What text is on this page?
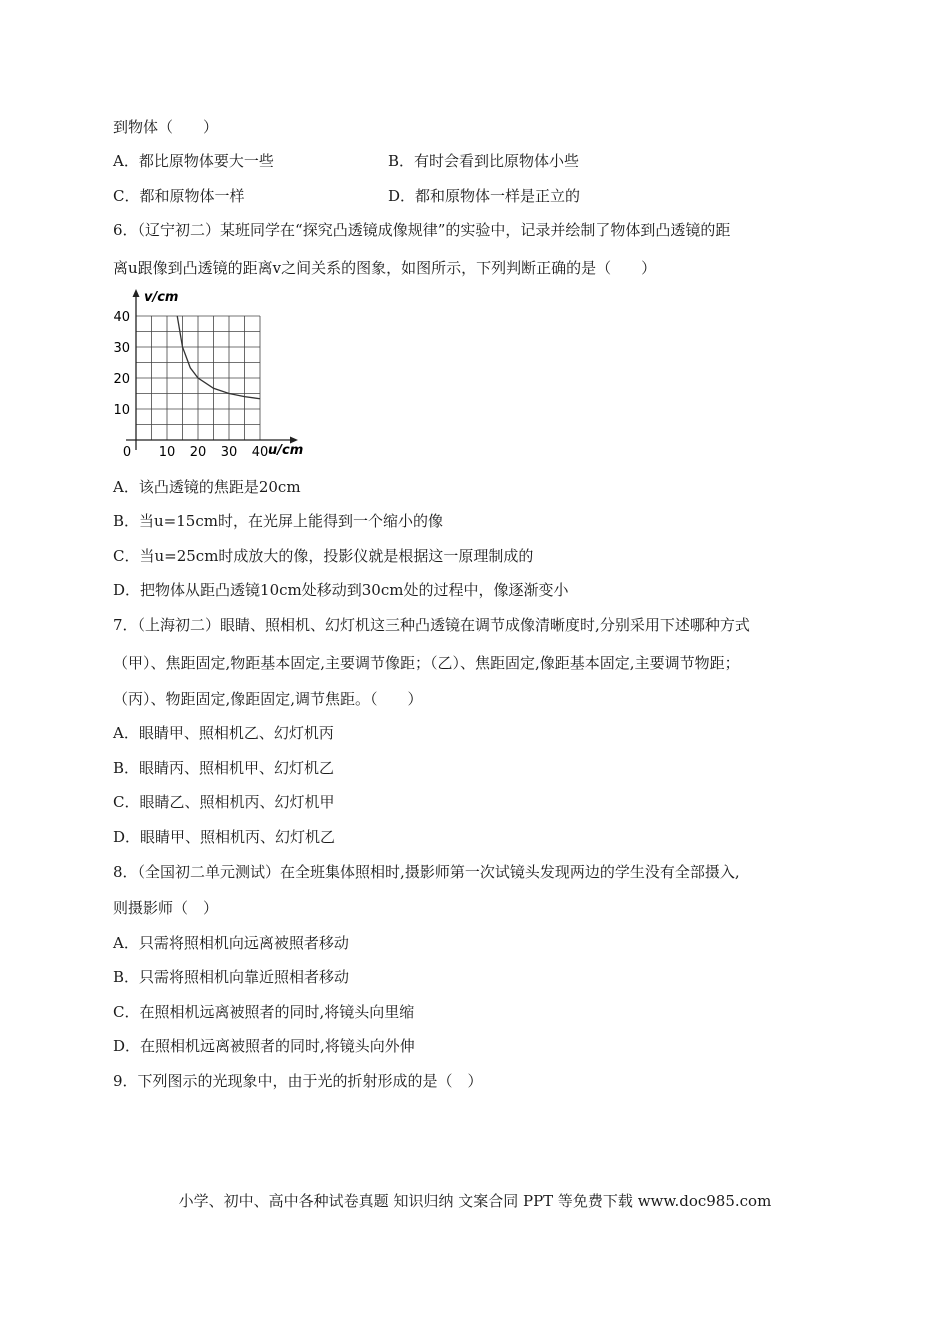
到物体（　　）
A．都比原物体要大一些	B．有时会看到比原物体小些
C．都和原物体一样	D．都和原物体一样是正立的
6．（辽宁初二）某班同学在“探究凸透镜成像规律”的实验中，记录并绘制了物体到凸透镜的距
离u跟像到凸透镜的距离v之间关系的图象，如图所示，下列判断正确的是（　　）
10
20
30
40
0 10 20 30 40
v/cm
u/cm
A．该凸透镜的焦距是20cm
B．当u=15cm时，在光屏上能得到一个缩小的像
C．当u=25cm时成放大的像，投影仪就是根据这一原理制成的
D．把物体从距凸透镜10cm处移动到30cm处的过程中，像逐渐变小
7．（上海初二）眼睛、照相机、幻灯机这三种凸透镜在调节成像清晰度时,分别采用下述哪种方式
（甲）、焦距固定,物距基本固定,主要调节像距；（乙）、焦距固定,像距基本固定,主要调节物距；
（丙）、物距固定,像距固定,调节焦距。（　　）
A．眼睛甲、照相机乙、幻灯机丙
B．眼睛丙、照相机甲、幻灯机乙
C．眼睛乙、照相机丙、幻灯机甲
D．眼睛甲、照相机丙、幻灯机乙
8．（全国初二单元测试）在全班集体照相时,摄影师第一次试镜头发现两边的学生没有全部摄入,
则摄影师（　）
A．只需将照相机向远离被照者移动
B．只需将照相机向靠近照相者移动
C．在照相机远离被照者的同时,将镜头向里缩
D．在照相机远离被照者的同时,将镜头向外伸
9．下列图示的光现象中，由于光的折射形成的是（　）
小学、初中、高中各种试卷真题 知识归纳 文案合同 PPT 等免费下载 www.doc985.com
